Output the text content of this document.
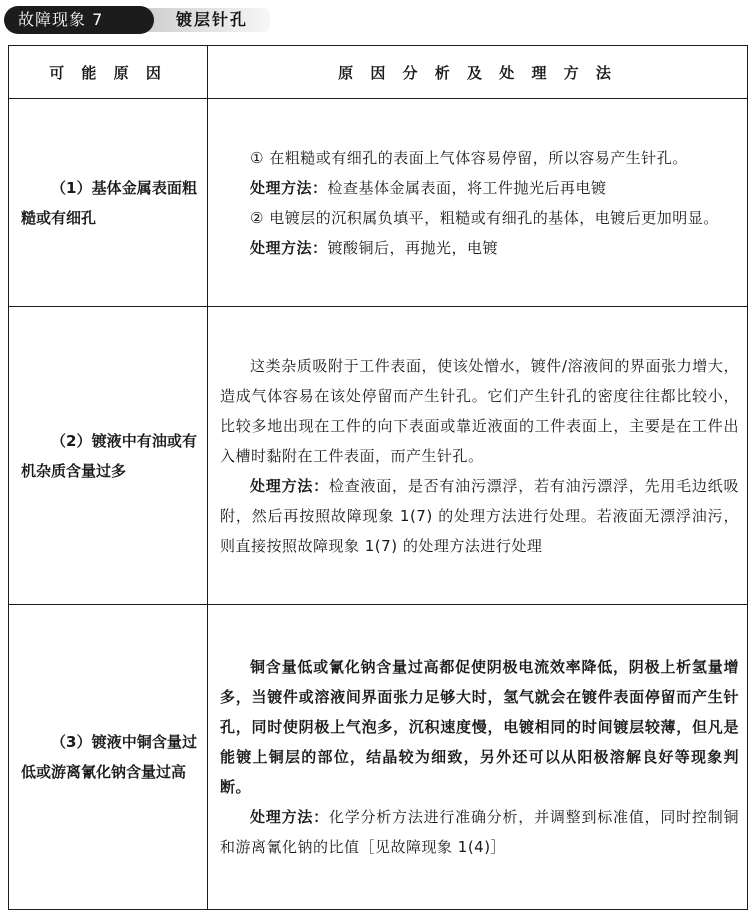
故障现象 7	镀层针孔
可 能 原 因	原 因 分 析 及 处 理 方 法

（1）基体金属表面粗糙或有细孔	① 在粗糙或有细孔的表面上气体容易停留，所以容易产生针孔。

处理方法：检查基体金属表面，将工件抛光后再电镀

② 电镀层的沉积属负填平，粗糙或有细孔的基体，电镀后更加明显。

处理方法：镀酸铜后，再抛光，电镀

（2）镀液中有油或有机杂质含量过多	这类杂质吸附于工件表面，使该处憎水，镀件/溶液间的界面张力增大，造成气体容易在该处停留而产生针孔。它们产生针孔的密度往往都比较小，比较多地出现在工件的向下表面或靠近液面的工件表面上，主要是在工件出入槽时黏附在工件表面，而产生针孔。

处理方法：检查液面，是否有油污漂浮，若有油污漂浮，先用毛边纸吸附，然后再按照故障现象 1(7) 的处理方法进行处理。若液面无漂浮油污，则直接按照故障现象 1(7) 的处理方法进行处理

（3）镀液中铜含量过低或游离氰化钠含量过高	铜含量低或氰化钠含量过高都促使阴极电流效率降低，阴极上析氢量增多，当镀件或溶液间界面张力足够大时，氢气就会在镀件表面停留而产生针孔，同时使阴极上气泡多，沉积速度慢，电镀相同的时间镀层较薄，但凡是能镀上铜层的部位，结晶较为细致，另外还可以从阳极溶解良好等现象判断。

处理方法：化学分析方法进行准确分析，并调整到标准值，同时控制铜和游离氰化钠的比值［见故障现象 1(4)］
